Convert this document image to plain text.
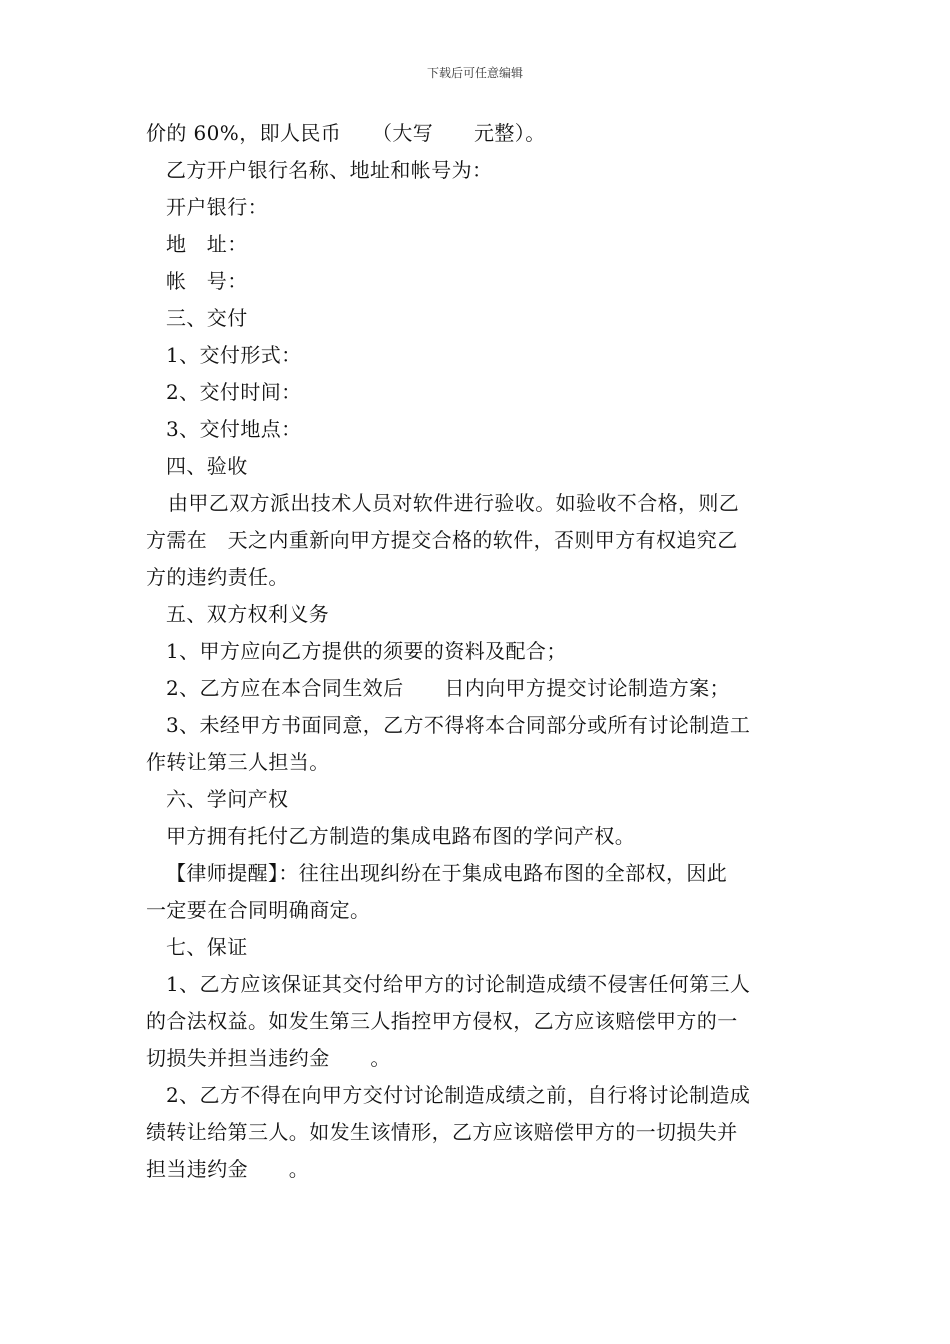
下载后可任意编辑
价的 60%，即人民币　　（大写　　元整）。
乙方开户银行名称、地址和帐号为：
开户银行：
地　址：
帐　号：
三、交付
1、交付形式：
2、交付时间：
3、交付地点：
四、验收
由甲乙双方派出技术人员对软件进行验收。如验收不合格，则乙
方需在　天之内重新向甲方提交合格的软件，否则甲方有权追究乙
方的违约责任。
五、双方权利义务
1、甲方应向乙方提供的须要的资料及配合；
2、乙方应在本合同生效后　　日内向甲方提交讨论制造方案；
3、未经甲方书面同意，乙方不得将本合同部分或所有讨论制造工
作转让第三人担当。
六、学问产权
甲方拥有托付乙方制造的集成电路布图的学问产权。
【律师提醒】：往往出现纠纷在于集成电路布图的全部权，因此
一定要在合同明确商定。
七、保证
1、乙方应该保证其交付给甲方的讨论制造成绩不侵害任何第三人
的合法权益。如发生第三人指控甲方侵权，乙方应该赔偿甲方的一
切损失并担当违约金　　。
2、乙方不得在向甲方交付讨论制造成绩之前，自行将讨论制造成
绩转让给第三人。如发生该情形，乙方应该赔偿甲方的一切损失并
担当违约金　　。
